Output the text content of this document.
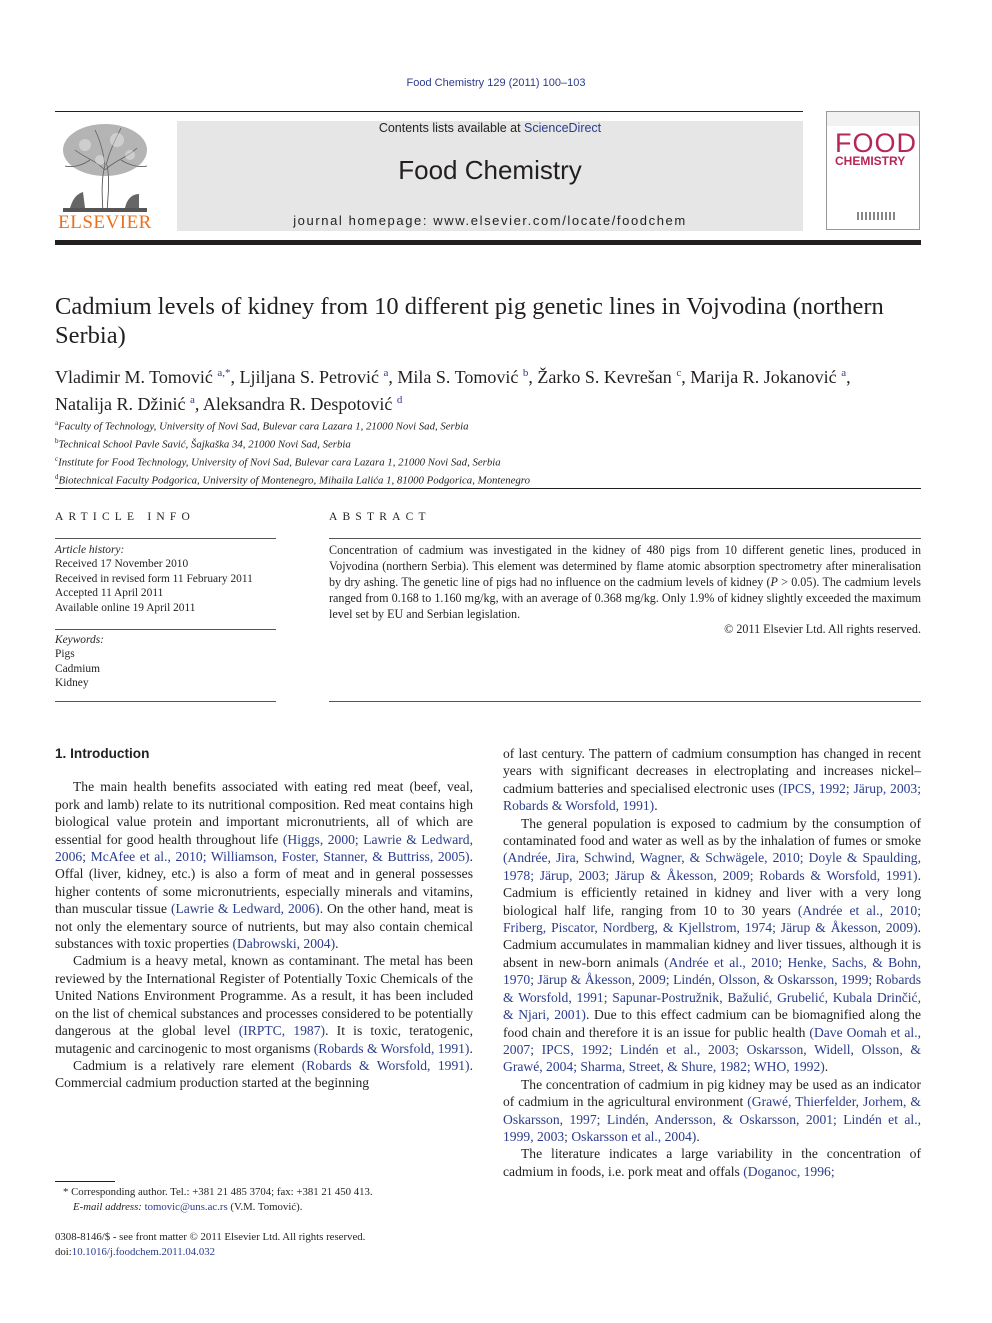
Food Chemistry 129 (2011) 100–103
ELSEVIER
Contents lists available at ScienceDirect
Food Chemistry
journal homepage: www.elsevier.com/locate/foodchem
FOOD
CHEMISTRY
Cadmium levels of kidney from 10 different pig genetic lines in Vojvodina (northern Serbia)
Vladimir M. Tomović $^{a,*}$, Ljiljana S. Petrović $^a$, Mila S. Tomović $^b$, Žarko S. Kevrešan $^c$, Marija R. Jokanović $^a$,
Natalija R. Džinić $^a$, Aleksandra R. Despotović $^d$
$^a$Faculty of Technology, University of Novi Sad, Bulevar cara Lazara 1, 21000 Novi Sad, Serbia
$^b$Technical School Pavle Savić, Šajkaška 34, 21000 Novi Sad, Serbia
$^c$Institute for Food Technology, University of Novi Sad, Bulevar cara Lazara 1, 21000 Novi Sad, Serbia
$^d$Biotechnical Faculty Podgorica, University of Montenegro, Mihaila Lalića 1, 81000 Podgorica, Montenegro
ARTICLE INFO	ABSTRACT
Article history:
Received 17 November 2010
Received in revised form 11 February 2011
Accepted 11 April 2011
Available online 19 April 2011
Keywords:
Pigs
Cadmium
Kidney
Concentration of cadmium was investigated in the kidney of 480 pigs from 10 different genetic lines, produced in Vojvodina (northern Serbia). This element was determined by flame atomic absorption spectrometry after mineralisation by dry ashing. The genetic line of pigs had no influence on the cadmium levels of kidney (P > 0.05). The cadmium levels ranged from 0.168 to 1.160 mg/kg, with an average of 0.368 mg/kg. Only 1.9% of kidney slightly exceeded the maximum level set by EU and Serbian legislation.
© 2011 Elsevier Ltd. All rights reserved.
1. Introduction

The main health benefits associated with eating red meat (beef, veal, pork and lamb) relate to its nutritional composition. Red meat contains high biological value protein and important micronutrients, all of which are essential for good health throughout life (Higgs, 2000; Lawrie & Ledward, 2006; McAfee et al., 2010; Williamson, Foster, Stanner, & Buttriss, 2005). Offal (liver, kidney, etc.) is also a form of meat and in general possesses higher contents of some micronutrients, especially minerals and vitamins, than muscular tissue (Lawrie & Ledward, 2006). On the other hand, meat is not only the elementary source of nutrients, but may also contain chemical substances with toxic properties (Dabrowski, 2004).

Cadmium is a heavy metal, known as contaminant. The metal has been reviewed by the International Register of Potentially Toxic Chemicals of the United Nations Environment Programme. As a result, it has been included on the list of chemical substances and processes considered to be potentially dangerous at the global level (IRPTC, 1987). It is toxic, teratogenic, mutagenic and carcinogenic to most organisms (Robards & Worsfold, 1991).

Cadmium is a relatively rare element (Robards & Worsfold, 1991). Commercial cadmium production started at the beginning

of last century. The pattern of cadmium consumption has changed in recent years with significant decreases in electroplating and increases nickel–cadmium batteries and specialised electronic uses (IPCS, 1992; Järup, 2003; Robards & Worsfold, 1991).

The general population is exposed to cadmium by the consumption of contaminated food and water as well as by the inhalation of fumes or smoke (Andrée, Jira, Schwind, Wagner, & Schwägele, 2010; Doyle & Spaulding, 1978; Järup, 2003; Järup & Åkesson, 2009; Robards & Worsfold, 1991). Cadmium is efficiently retained in kidney and liver with a very long biological half life, ranging from 10 to 30 years (Andrée et al., 2010; Friberg, Piscator, Nordberg, & Kjellstrom, 1974; Järup & Åkesson, 2009). Cadmium accumulates in mammalian kidney and liver tissues, although it is absent in new-born animals (Andrée et al., 2010; Henke, Sachs, & Bohn, 1970; Järup & Åkesson, 2009; Lindén, Olsson, & Oskarsson, 1999; Robards & Worsfold, 1991; Sapunar-Postružnik, Bažulić, Grubelić, Kubala Drinčić, & Njari, 2001). Due to this effect cadmium can be biomagnified along the food chain and therefore it is an issue for public health (Dave Oomah et al., 2007; IPCS, 1992; Lindén et al., 2003; Oskarsson, Widell, Olsson, & Grawé, 2004; Sharma, Street, & Shure, 1982; WHO, 1992).

The concentration of cadmium in pig kidney may be used as an indicator of cadmium in the agricultural environment (Grawé, Thierfelder, Jorhem, & Oskarsson, 1997; Lindén, Andersson, & Oskarsson, 2001; Lindén et al., 1999, 2003; Oskarsson et al., 2004).

The literature indicates a large variability in the concentration of cadmium in foods, i.e. pork meat and offals (Doganoc, 1996;

* Corresponding author. Tel.: +381 21 485 3704; fax: +381 21 450 413.
E-mail address: tomovic@uns.ac.rs (V.M. Tomović).
0308-8146/$ - see front matter © 2011 Elsevier Ltd. All rights reserved.
doi:10.1016/j.foodchem.2011.04.032
